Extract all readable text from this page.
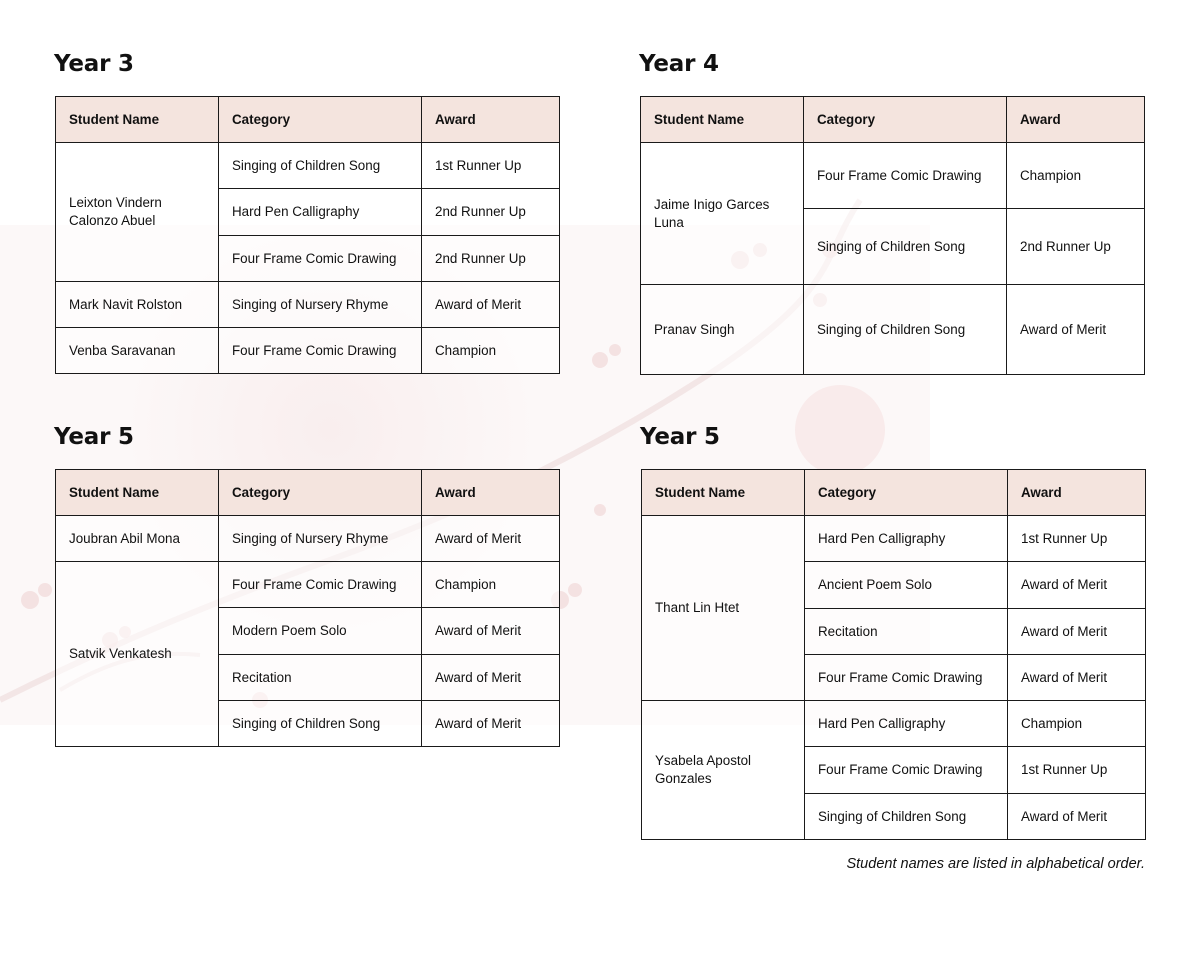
Year 3
Student Name	Category	Award
Leixton Vindern Calonzo Abuel	Singing of Children Song	1st Runner Up
	Hard Pen Calligraphy	2nd Runner Up
	Four Frame Comic Drawing	2nd Runner Up
Mark Navit Rolston	Singing of Nursery Rhyme	Award of Merit
Venba Saravanan	Four Frame Comic Drawing	Champion
Year 4
Student Name	Category	Award
Jaime Inigo Garces Luna	Four Frame Comic Drawing	Champion
	Singing of Children Song	2nd Runner Up
Pranav Singh	Singing of Children Song	Award of Merit
Year 5
Student Name	Category	Award
Joubran Abil Mona	Singing of Nursery Rhyme	Award of Merit
Satvik Venkatesh	Four Frame Comic Drawing	Champion
	Modern Poem Solo	Award of Merit
	Recitation	Award of Merit
	Singing of Children Song	Award of Merit
Year 5
Student Name	Category	Award
Thant Lin Htet	Hard Pen Calligraphy	1st Runner Up
	Ancient Poem Solo	Award of Merit
	Recitation	Award of Merit
	Four Frame Comic Drawing	Award of Merit
Ysabela Apostol Gonzales	Hard Pen Calligraphy	Champion
	Four Frame Comic Drawing	1st Runner Up
	Singing of Children Song	Award of Merit
Student names are listed in alphabetical order.
